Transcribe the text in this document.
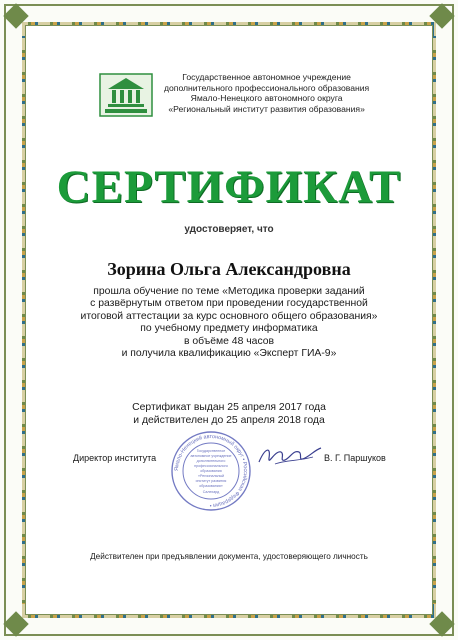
Государственное автономное учреждение
дополнительного профессионального образования
Ямало-Ненецкого автономного округа
«Региональный институт развития образования»
СЕРТИФИКАТ
удостоверяет, что
Зорина Ольга Александровна
прошла обучение по теме «Методика проверки заданий
с развёрнутым ответом при проведении государственной
итоговой аттестации за курс основного общего образования»
по учебному предмету информатика
в объёме 48 часов
и получила квалификацию «Эксперт ГИА-9»
Сертификат выдан 25 апреля 2017 года
и действителен до 25 апреля 2018 года
Директор института
Ямало-Ненецкий автономный округ • Российская Федерация •
Государственное
автономное учреждение
дополнительного
профессионального
образования
«Региональный
институт развития
образования»
Салехард
В. Г. Паршуков
Действителен при предъявлении документа, удостоверяющего личность
